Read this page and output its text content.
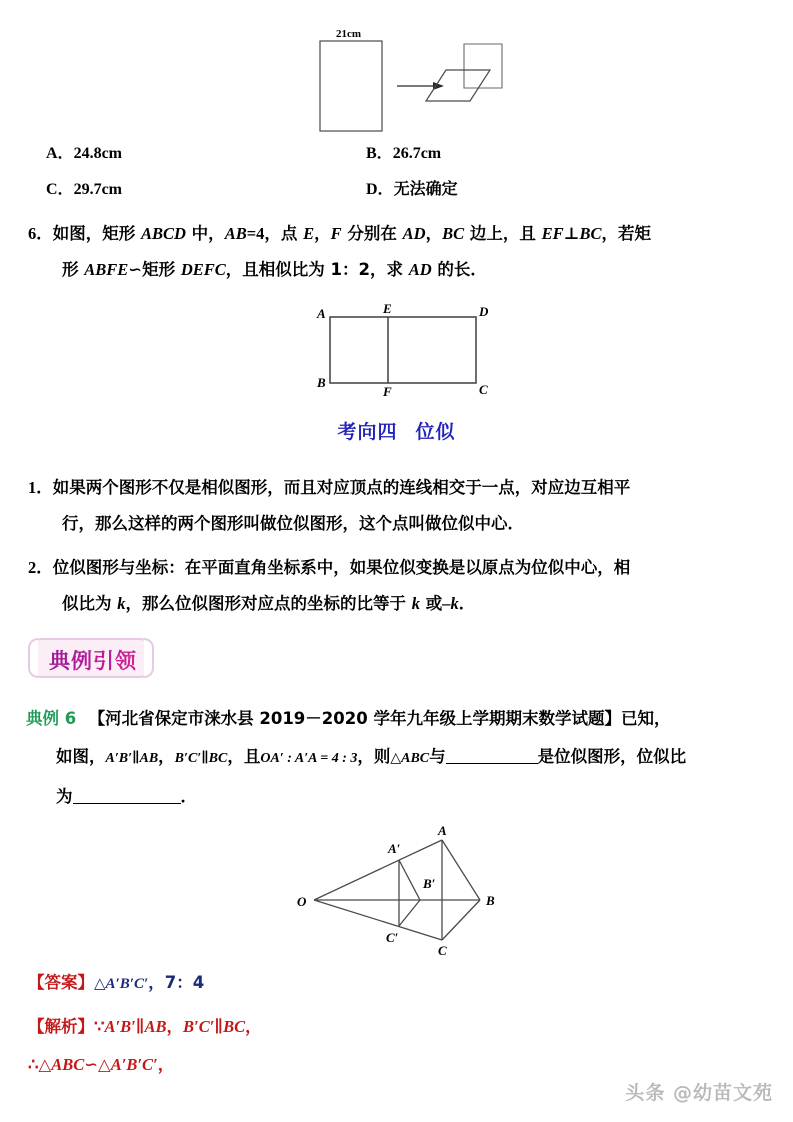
21cm
A．24.8cm	B．26.7cm
C．29.7cm	D．无法确定
6．如图，矩形 ABCD 中，AB=4，点 E，F 分别在 AD，BC 边上，且 EF⊥BC，若矩
形 ABFE∽矩形 DEFC，且相似比为 1：2，求 AD 的长．
A	E	D
B
F	C
考向四 位似
1．如果两个图形不仅是相似图形，而且对应顶点的连线相交于一点，对应边互相平
行，那么这样的两个图形叫做位似图形，这个点叫做位似中心．
2．位似图形与坐标：在平面直角坐标系中，如果位似变换是以原点为位似中心，相
似比为 k，那么位似图形对应点的坐标的比等于 k 或–k．
典例引领
典例 6 【河北省保定市涞水县 2019－2020 学年九年级上学期期末数学试题】已知，
如图，A′B′∥AB，B′C′∥BC，且OA′ : A′A = 4 : 3，则△ABC与	是位似图形，位似比
为	．
O
A
B
C
A′
B′
C′
【答案】△A′B′C′，7：4
【解析】∵A′B′∥AB，B′C′∥BC，
∴△ABC∽△A′B′C′，
头条 @幼苗文苑
